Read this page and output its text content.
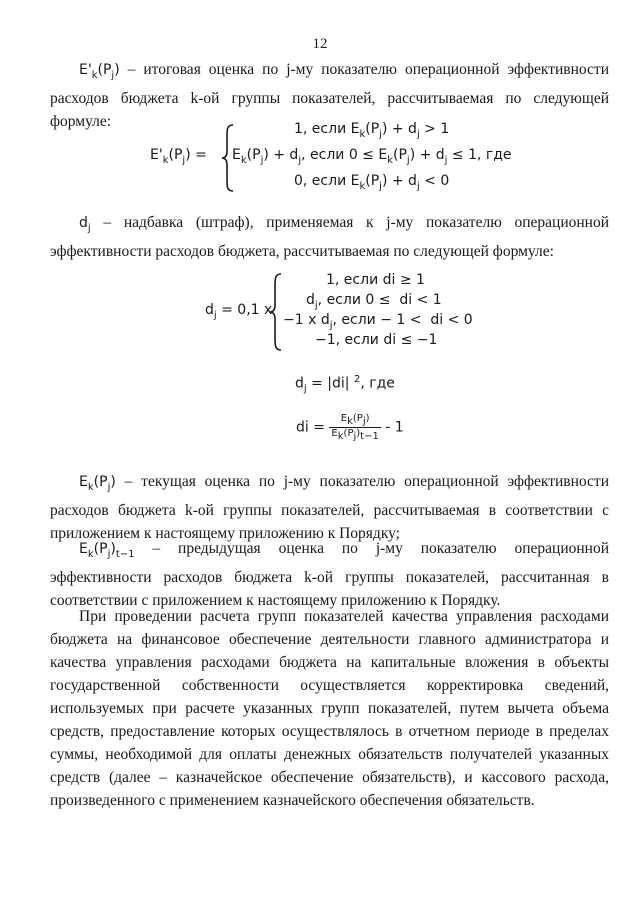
12
$E'_k(P_j)$ – итоговая оценка по j-му показателю операционной эффективности расходов бюджета k-ой группы показателей, рассчитываемая по следующей формуле:
$E'_k(P_j)$ =
1, если $E_k(P_j) + d_j > 1$
$E_k(P_j) + d_j$, если $0 \le E_k(P_j) + d_j \le 1$, где
0, если $E_k(P_j) + d_j < 0$
$d_j$ – надбавка (штраф), применяемая к j-му показателю операционной эффективности расходов бюджета, рассчитываемая по следующей формуле:
$d_j = 0,1$ x
1, если di ≥ 1
$d_j$, если 0 ≤  di < 1
−1 x $d_j$, если − 1 <  di < 0
−1, если di ≤ −1
$d_j = |di|$ $^2$, где
di = $\frac{E_k(P_j)}{E_k(P_j)_{t-1}} - 1$
$E_k(P_j)$ – текущая оценка по j-му показателю операционной эффективности расходов бюджета k-ой группы показателей, рассчитываемая в соответствии с приложением к настоящему приложению к Порядку;
$E_k(P_j)_{t-1}$ – предыдущая оценка по j-му показателю операционной эффективности расходов бюджета k-ой группы показателей, рассчитанная в соответствии с приложением к настоящему приложению к Порядку.
При проведении расчета групп показателей качества управления расходами бюджета на финансовое обеспечение деятельности главного администратора и качества управления расходами бюджета на капитальные вложения в объекты государственной собственности осуществляется корректировка сведений, используемых при расчете указанных групп показателей, путем вычета объема средств, предоставление которых осуществлялось в отчетном периоде в пределах суммы, необходимой для оплаты денежных обязательств получателей указанных средств (далее – казначейское обеспечение обязательств), и кассового расхода, произведенного с применением казначейского обеспечения обязательств.
